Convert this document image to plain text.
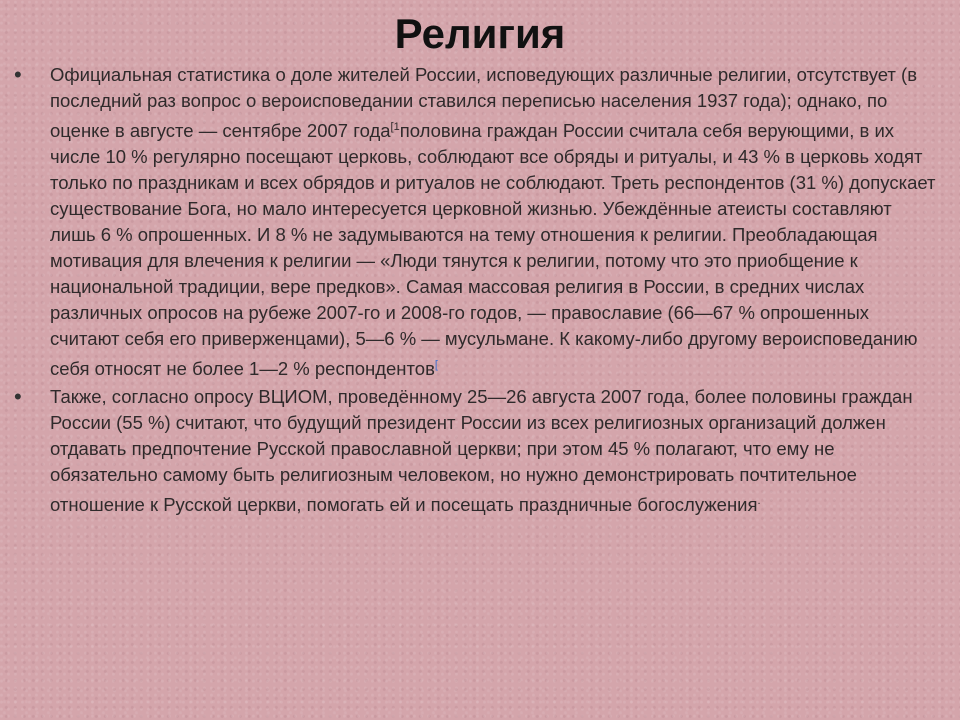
Религия
•	Официальная статистика о доле жителей России, исповедующих различные религии, отсутствует (в последний раз вопрос о вероисповедании ставился переписью населения 1937 года); однако, по оценке в августе — сентябре 2007 года$^{[1}$половина граждан России считала себя верующими, в их числе 10 % регулярно посещают церковь, соблюдают все обряды и ритуалы, и 43 % в церковь ходят только по праздникам и всех обрядов и ритуалов не соблюдают. Треть респондентов (31 %) допускает существование Бога, но мало интересуется церковной жизнью. Убеждённые атеисты составляют лишь 6 % опрошенных. И 8 % не задумываются на тему отношения к религии. Преобладающая мотивация для влечения к религии — «Люди тянутся к религии, потому что это приобщение к национальной традиции, вере предков». Самая массовая религия в России, в средних числах различных опросов на рубеже 2007-го и 2008-го годов, — православие (66—67 % опрошенных считают себя его приверженцами), 5—6 % — мусульмане. К какому-либо другому вероисповеданию себя относят не более 1—2 % респондентов[
•	Также, согласно опросу ВЦИОМ, проведённому 25—26 августа 2007 года, более половины граждан России (55 %) считают, что будущий президент России из всех религиозных организаций должен отдавать предпочтение Русской православной церкви; при этом 45 % полагают, что ему не обязательно самому быть религиозным человеком, но нужно демонстрировать почтительное отношение к Русской церкви, помогать ей и посещать праздничные богослужения.
